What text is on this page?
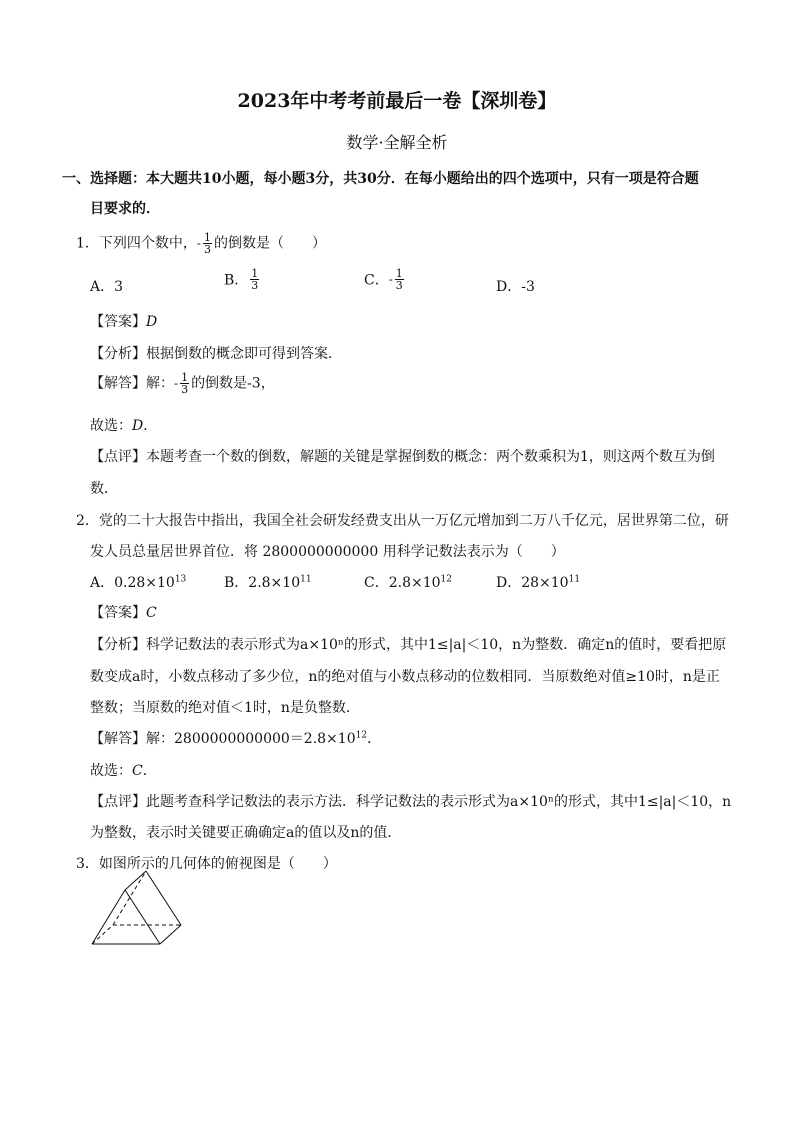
2023年中考考前最后一卷【深圳卷】
数学·全解全析
一、选择题：本大题共10小题，每小题3分，共30分．在每小题给出的四个选项中，只有一项是符合题
目要求的．
1．下列四个数中，- $\frac{1}{3}$ 的倒数是（　　）
A．3	B． $\frac{1}{3}$	C．- $\frac{1}{3}$	D．-3
【答案】D
【分析】根据倒数的概念即可得到答案．
【解答】解：- $\frac{1}{3}$ 的倒数是-3，
故选：D．
【点评】本题考查一个数的倒数，解题的关键是掌握倒数的概念：两个数乘积为1，则这两个数互为倒
数．
2．党的二十大报告中指出，我国全社会研发经费支出从一万亿元增加到二万八千亿元，居世界第二位，研
发人员总量居世界首位．将 2800000000000 用科学记数法表示为（　　）
A．$0.28\times 10^{13}$	B．$2.8\times 10^{11}$	C．$2.8\times 10^{12}$	D．$28\times 10^{11}$
【答案】C
【分析】科学记数法的表示形式为a×10ⁿ的形式，其中1≤|a|＜10，n为整数．确定n的值时，要看把原
数变成a时，小数点移动了多少位，n的绝对值与小数点移动的位数相同．当原数绝对值≥10时，n是正
整数；当原数的绝对值＜1时，n是负整数．
【解答】解：$2800000000000=2.8\times 10^{12}$．
故选：C．
【点评】此题考查科学记数法的表示方法．科学记数法的表示形式为a×10ⁿ的形式，其中1≤|a|＜10，n
为整数，表示时关键要正确确定a的值以及n的值．
3．如图所示的几何体的俯视图是（　　）
